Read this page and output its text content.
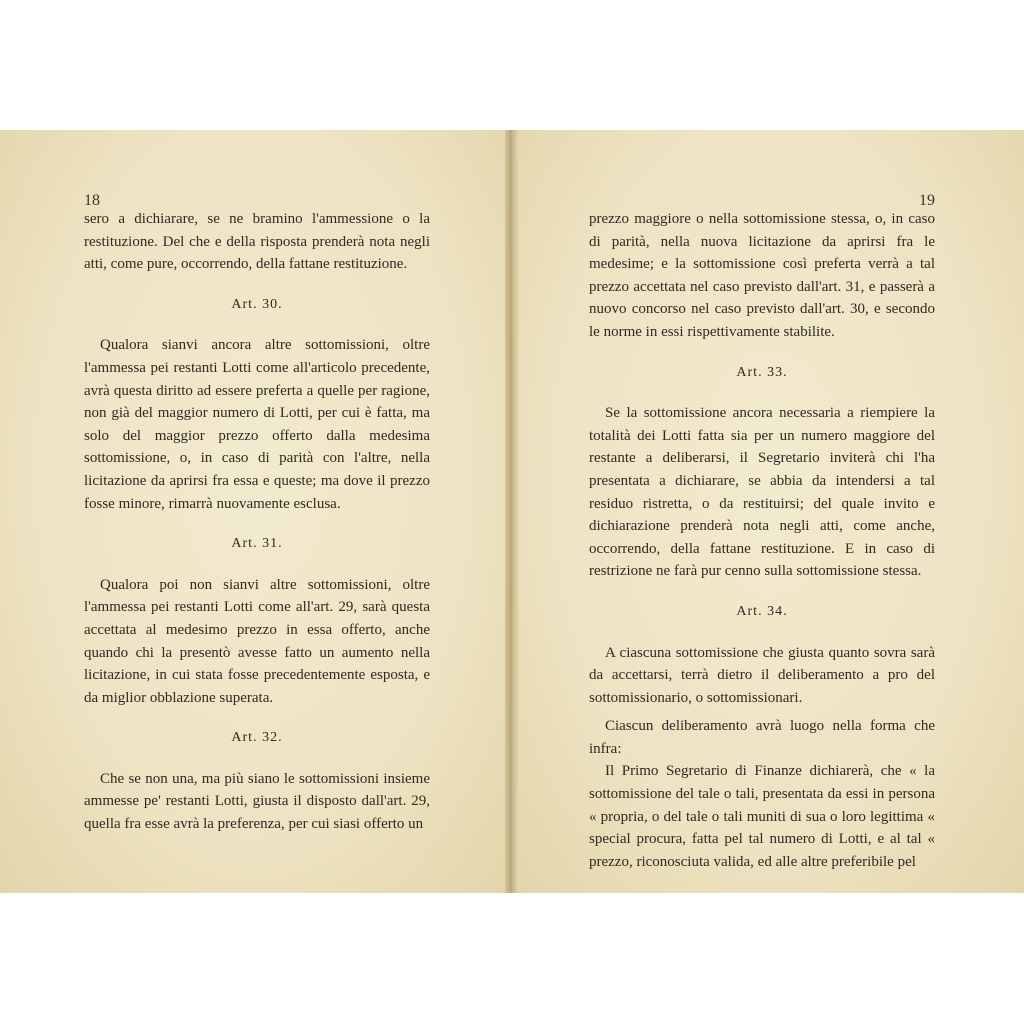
18

sero a dichiarare, se ne bramino l'ammessione o la restituzione. Del che e della risposta prenderà nota negli atti, come pure, occorrendo, della fattane restituzione.

Art. 30.

Qualora sianvi ancora altre sottomissioni, oltre l'ammessa pei restanti Lotti come all'articolo precedente, avrà questa diritto ad essere preferta a quelle per ragione, non già del maggior numero di Lotti, per cui è fatta, ma solo del maggior prezzo offerto dalla medesima sottomissione, o, in caso di parità con l'altre, nella licitazione da aprirsi fra essa e queste; ma dove il prezzo fosse minore, rimarrà nuovamente esclusa.

Art. 31.

Qualora poi non sianvi altre sottomissioni, oltre l'ammessa pei restanti Lotti come all'art. 29, sarà questa accettata al medesimo prezzo in essa offerto, anche quando chi la presentò avesse fatto un aumento nella licitazione, in cui stata fosse precedentemente esposta, e da miglior obblazione superata.

Art. 32.

Che se non una, ma più siano le sottomissioni insieme ammesse pe' restanti Lotti, giusta il disposto dall'art. 29, quella fra esse avrà la preferenza, per cui siasi offerto un

19

prezzo maggiore o nella sottomissione stessa, o, in caso di parità, nella nuova licitazione da aprirsi fra le medesime; e la sottomissione così preferta verrà a tal prezzo accettata nel caso previsto dall'art. 31, e passerà a nuovo concorso nel caso previsto dall'art. 30, e secondo le norme in essi rispettivamente stabilite.

Art. 33.

Se la sottomissione ancora necessaria a riempiere la totalità dei Lotti fatta sia per un numero maggiore del restante a deliberarsi, il Segretario inviterà chi l'ha presentata a dichiarare, se abbia da intendersi a tal residuo ristretta, o da restituirsi; del quale invito e dichiarazione prenderà nota negli atti, come anche, occorrendo, della fattane restituzione. E in caso di restrizione ne farà pur cenno sulla sottomissione stessa.

Art. 34.

A ciascuna sottomissione che giusta quanto sovra sarà da accettarsi, terrà dietro il deliberamento a pro del sottomissionario, o sottomissionari.

Ciascun deliberamento avrà luogo nella forma che infra:

Il Primo Segretario di Finanze dichiarerà, che « la sottomissione del tale o tali, presentata da essi in persona « propria, o del tale o tali muniti di sua o loro legittima « special procura, fatta pel tal numero di Lotti, e al tal « prezzo, riconosciuta valida, ed alle altre preferibile pel
